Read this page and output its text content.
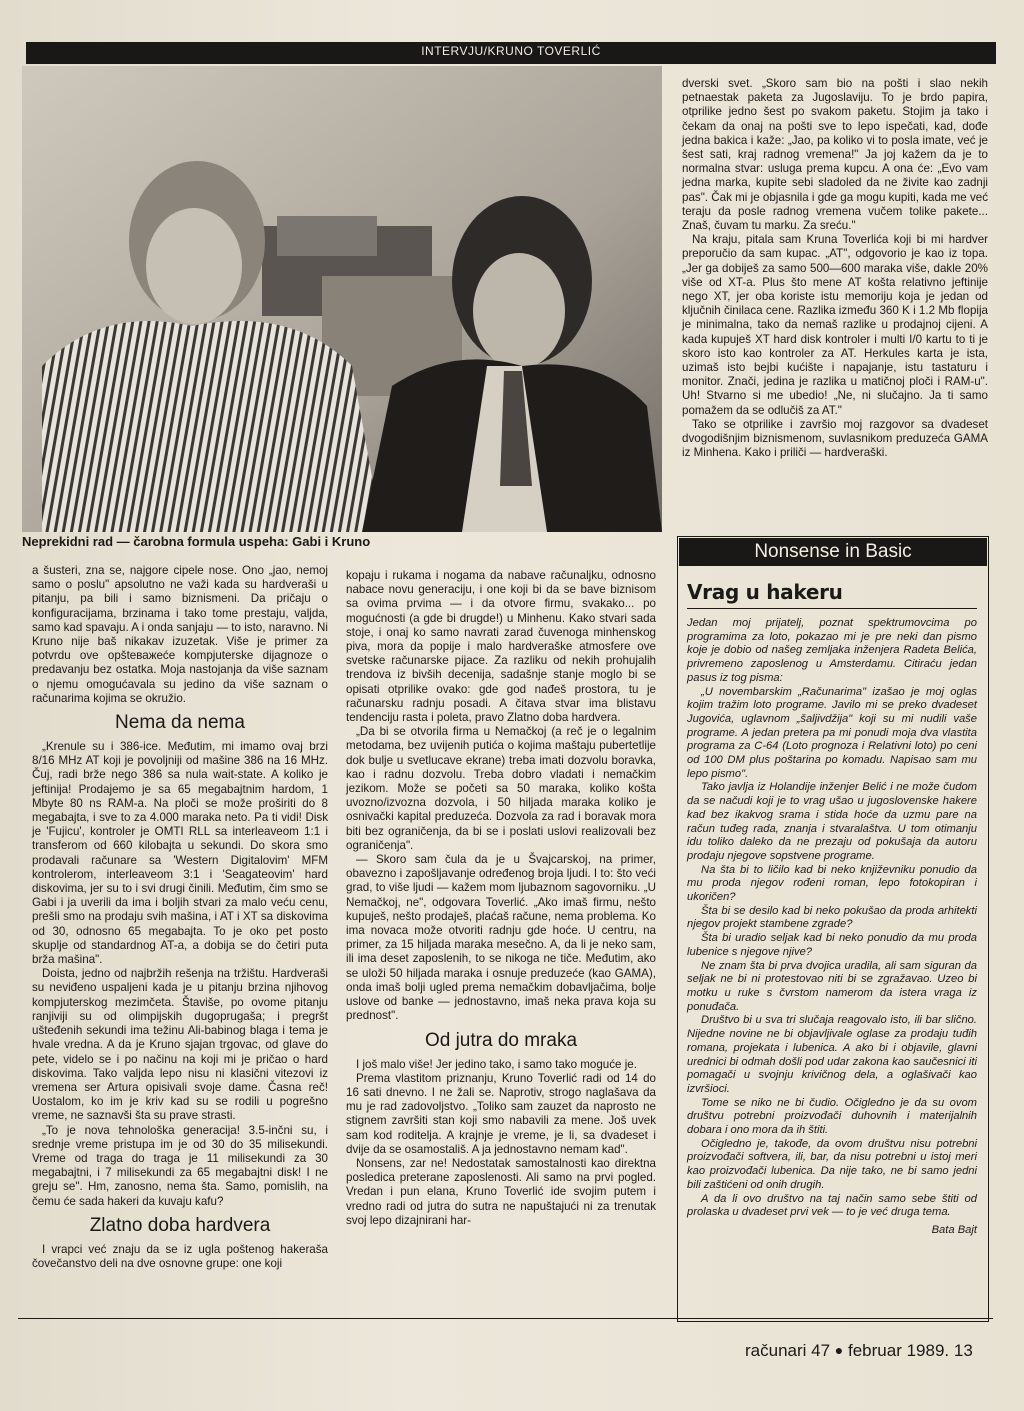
INTERVJU/KRUNO TOVERLIĆ
Neprekidni rad — čarobna formula uspeha: Gabi i Kruno

a šusteri, zna se, najgore cipele nose. Ono „jao, nemoj samo o poslu" apsolutno ne važi kada su hardveraši u pitanju, pa bili i samo biznismeni. Da pričaju o konfiguracijama, brzinama i tako tome prestaju, valjda, samo kad spavaju. A i onda sanjaju — to isto, naravno. Ni Kruno nije baš nikakav izuzetak. Više je primer za potvrdu ove opšteважeće kompjuterske dijagnoze o predavanju bez ostatka. Moja nastojanja da više saznam o njemu omogućavala su jedino da više saznam o računarima kojima se okružio.

Nema da nema

„Krenule su i 386-ice. Međutim, mi imamo ovaj brzi 8/16 MHz AT koji je povoljniji od mašine 386 na 16 MHz. Čuj, radi brže nego 386 sa nula wait-state. A koliko je jeftinija! Prodajemo je sa 65 megabajtnim hardom, 1 Mbyte 80 ns RAM-a. Na ploči se može proširiti do 8 megabajta, i sve to za 4.000 maraka neto. Pa ti vidi! Disk je 'Fujicu', kontroler je OMTI RLL sa interleavеom 1:1 i transferom od 660 kilobajta u sekundi. Do skora smo prodavali računare sa 'Western Digitalovim' MFM kontrolerom, interleaveom 3:1 i 'Seagateovim' hard diskovima, jer su to i svi drugi činili. Međutim, čim smo se Gabi i ja uverili da ima i boljih stvari za malo veću cenu, prešli smo na prodaju svih mašina, i AT i XT sa diskovima od 30, odnosno 65 megabajta. To je oko pet posto skuplje od standardnog AT-a, a dobija se do četiri puta brža mašina".

Doista, jedno od najbržih rešenja na tržištu. Hardveraši su neviđeno uspaljeni kada je u pitanju brzina njihovog kompjuterskog mezimčeta. Štaviše, po ovome pitanju ranjiviji su od olimpijskih dugoprugaša; i pregršt ušteđenih sekundi ima težinu Ali-babinog blaga i tema je hvale vredna. A da je Kruno sjajan trgovac, od glave do pete, videlo se i po načinu na koji mi je pričao o hard diskovima. Tako valjda lepo nisu ni klasični vitezovi iz vremena ser Artura opisivali svoje dame. Časna reč! Uostalom, ko im je kriv kad su se rodili u pogrešno vreme, ne saznavši šta su prave strasti.

„To je nova tehnološka generacija! 3.5-inčni su, i srednje vreme pristupa im je od 30 do 35 milisekundi. Vreme od traga do traga je 11 milisekundi za 30 megabajtni, i 7 milisekundi za 65 megabajtni disk! I ne greju se". Hm, zanosno, nema šta. Samo, pomislih, na čemu će sada hakeri da kuvaju kafu?

Zlatno doba hardvera

I vrapci već znaju da se iz ugla poštenog hakeraša čovečanstvo deli na dve osnovne grupe: one koji

kopaju i rukama i nogama da nabave računaljku, odnosno nabace novu generaciju, i one koji bi da se bave biznisom sa ovima prvima — i da otvore firmu, svakako... po mogućnosti (a gde bi drugde!) u Minhenu. Kako stvari sada stoje, i onaj ko samo navrati zarad čuvenoga minhenskog piva, mora da popije i malo hardveraške atmosfere ove svetske računarske pijace. Za razliku od nekih prohujalih trendova iz bivših decenija, sadašnje stanje moglo bi se opisati otprilike ovako: gde god nađeš prostora, tu je računarsku radnju posadi. A čitava stvar ima blistavu tendenciju rasta i poleta, pravo Zlatno doba hardvera.

„Da bi se otvorila firma u Nemačkoj (a reč je o legalnim metodama, bez uvijenih putića o kojima maštaju pubertetlije dok bulje u svetlucave ekrane) treba imati dozvolu boravka, kao i radnu dozvolu. Treba dobro vladati i nemačkim jezikom. Može se početi sa 50 maraka, koliko košta uvozno/izvozna dozvola, i 50 hiljada maraka koliko je osnivački kapital preduzeća. Dozvola za rad i boravak mora biti bez ograničenja, da bi se i poslati uslovi realizovali bez ograničenja".

— Skoro sam čula da je u Švajcarskoj, na primer, obavezno i zapošljavanje određenog broja ljudi. I to: što veći grad, to više ljudi — kažem mom ljubaznom sagovorniku. „U Nemačkoj, ne", odgovara Toverlić. „Ako imaš firmu, nešto kupuješ, nešto prodaješ, plaćaš račune, nema problema. Ko ima novaca može otvoriti radnju gde hoće. U centru, na primer, za 15 hiljada maraka mesečno. A, da li je neko sam, ili ima deset zaposlenih, to se nikoga ne tiče. Međutim, ako se uloži 50 hiljada maraka i osnuje preduzeće (kao GAMA), onda imaš bolji ugled prema nemačkim dobavljačima, bolje uslove od banke — jednostavno, imaš neka prava koja su prednost".

Od jutra do mraka

I još malo više! Jer jedino tako, i samo tako moguće je.

Prema vlastitom priznanju, Kruno Toverlić radi od 14 do 16 sati dnevno. I ne žali se. Naprotiv, strogo naglašava da mu je rad zadovoljstvo. „Toliko sam zauzet da naprosto ne stignem završiti stan koji smo nabavili za mene. Još uvek sam kod roditelja. A krajnje je vreme, je li, sa dvadeset i dvije da se osamostališ. A ja jednostavno nemam kad".

Nonsens, zar ne! Nedostatak samostalnosti kao direktna posledica preterane zaposlenosti. Ali samo na prvi pogled. Vredan i pun elana, Kruno Toverlić ide svojim putem i vredno radi od jutra do sutra ne napuštajući ni za trenutak svoj lepo dizajnirani har-

dverski svet. „Skoro sam bio na pošti i slao nekih petnaestak paketa za Jugoslaviju. To je brdo papira, otprilike jedno šest po svakom paketu. Stojim ja tako i čekam da onaj na pošti sve to lepo ispečati, kad, dođe jedna bakica i kaže: „Jao, pa koliko vi to posla imate, već je šest sati, kraj radnog vremena!" Ja joj kažem da je to normalna stvar: usluga prema kupcu. A ona će: „Evo vam jedna marka, kupite sebi sladoled da ne živite kao zadnji pas". Čak mi je objasnila i gde ga mogu kupiti, kada me već teraju da posle radnog vremena vučem tolike pakete... Znaš, čuvam tu marku. Za sreću."

Na kraju, pitala sam Kruna Toverlića koji bi mi hardver preporučio da sam kupac. „AT", odgovorio je kao iz topa. „Jer ga dobiješ za samo 500—600 maraka više, dakle 20% više od XT-a. Plus što mene AT košta relativno jeftinije nego XT, jer oba koriste istu memoriju koja je jedan od ključnih činilaca cene. Razlika između 360 K i 1.2 Mb flopija je minimalna, tako da nemaš razlike u prodajnoj cijeni. A kada kupuješ XT hard disk kontroler i multi I/0 kartu to ti je skoro isto kao kontroler za AT. Herkules karta je ista, uzimaš isto bejbi kućište i napajanje, istu tastaturu i monitor. Znači, jedina je razlika u matičnoj ploči i RAM-u". Uh! Stvarno si me ubedio! „Ne, ni slučajno. Ja ti samo pomažem da se odlučiš za AT."

Tako se otprilike i završio moj razgovor sa dvadeset dvogodišnjim biznismenom, suvlasnikom preduzeća GAMA iz Minhena. Kako i priliči — hardveraški.

Nonsense in Basic
Vrag u hakeru

Jedan moj prijatelj, poznat spektrumovcima po programima za loto, pokazao mi je pre neki dan pismo koje je dobio od našeg zemljaka inženjera Radeta Belića, privremeno zaposlenog u Amsterdamu. Citiraću jedan pasus iz tog pisma:

„U novembarskim „Računarima" izašao je moj oglas kojim tražim loto programe. Javilo mi se preko dvadeset Jugovića, uglavnom „šaljivdžija" koji su mi nudili vaše programe. A jedan pretera pa mi ponudi moja dva vlastita programa za C-64 (Loto prognoza i Relativni loto) po ceni od 100 DM plus poštarina po komadu. Napisao sam mu lepo pismo".

Tako javlja iz Holandije inženjer Belić i ne može čudom da se načudi koji je to vrag ušao u jugoslovenske hakere kad bez ikakvog srama i stida hoće da uzmu pare na račun tuđeg rada, znanja i stvaralaštva. U tom otimanju idu toliko daleko da ne prezaju od pokušaja da autoru prodaju njegove sopstvene programe.

Na šta bi to ličilo kad bi neko književniku ponudio da mu proda njegov rođeni roman, lepo fotokopiran i ukoričen?

Šta bi se desilo kad bi neko pokušao da proda arhitekti njegov projekt stambene zgrade?

Šta bi uradio seljak kad bi neko ponudio da mu proda lubenice s njegove njive?

Ne znam šta bi prva dvojica uradila, ali sam siguran da seljak ne bi ni protestovao niti bi se zgražavao. Uzeo bi motku u ruke s čvrstom namerom da istera vraga iz ponuđača.

Društvo bi u sva tri slučaja reagovalo isto, ili bar slično. Nijedne novine ne bi objavljivale oglase za prodaju tuđih romana, projekata i lubenica. A ako bi i objavile, glavni urednici bi odmah došli pod udar zakona kao saučesnici iti pomagači u svojnju krivičnog dela, a oglašivači kao izvršioci.

Tome se niko ne bi čudio. Očigledno je da su ovom društvu potrebni proizvođači duhovnih i materijalnih dobara i ono mora da ih štiti.

Očigledno je, takođe, da ovom društvu nisu potrebni proizvođači softvera, ili, bar, da nisu potrebni u istoj meri kao proizvođači lubenica. Da nije tako, ne bi samo jedni bili zaštićeni od onih drugih.

A da li ovo društvo na taj način samo sebe štiti od prolaska u dvadeset prvi vek — to je već druga tema.

Bata Bajt
računari 47 ● februar 1989. 13
